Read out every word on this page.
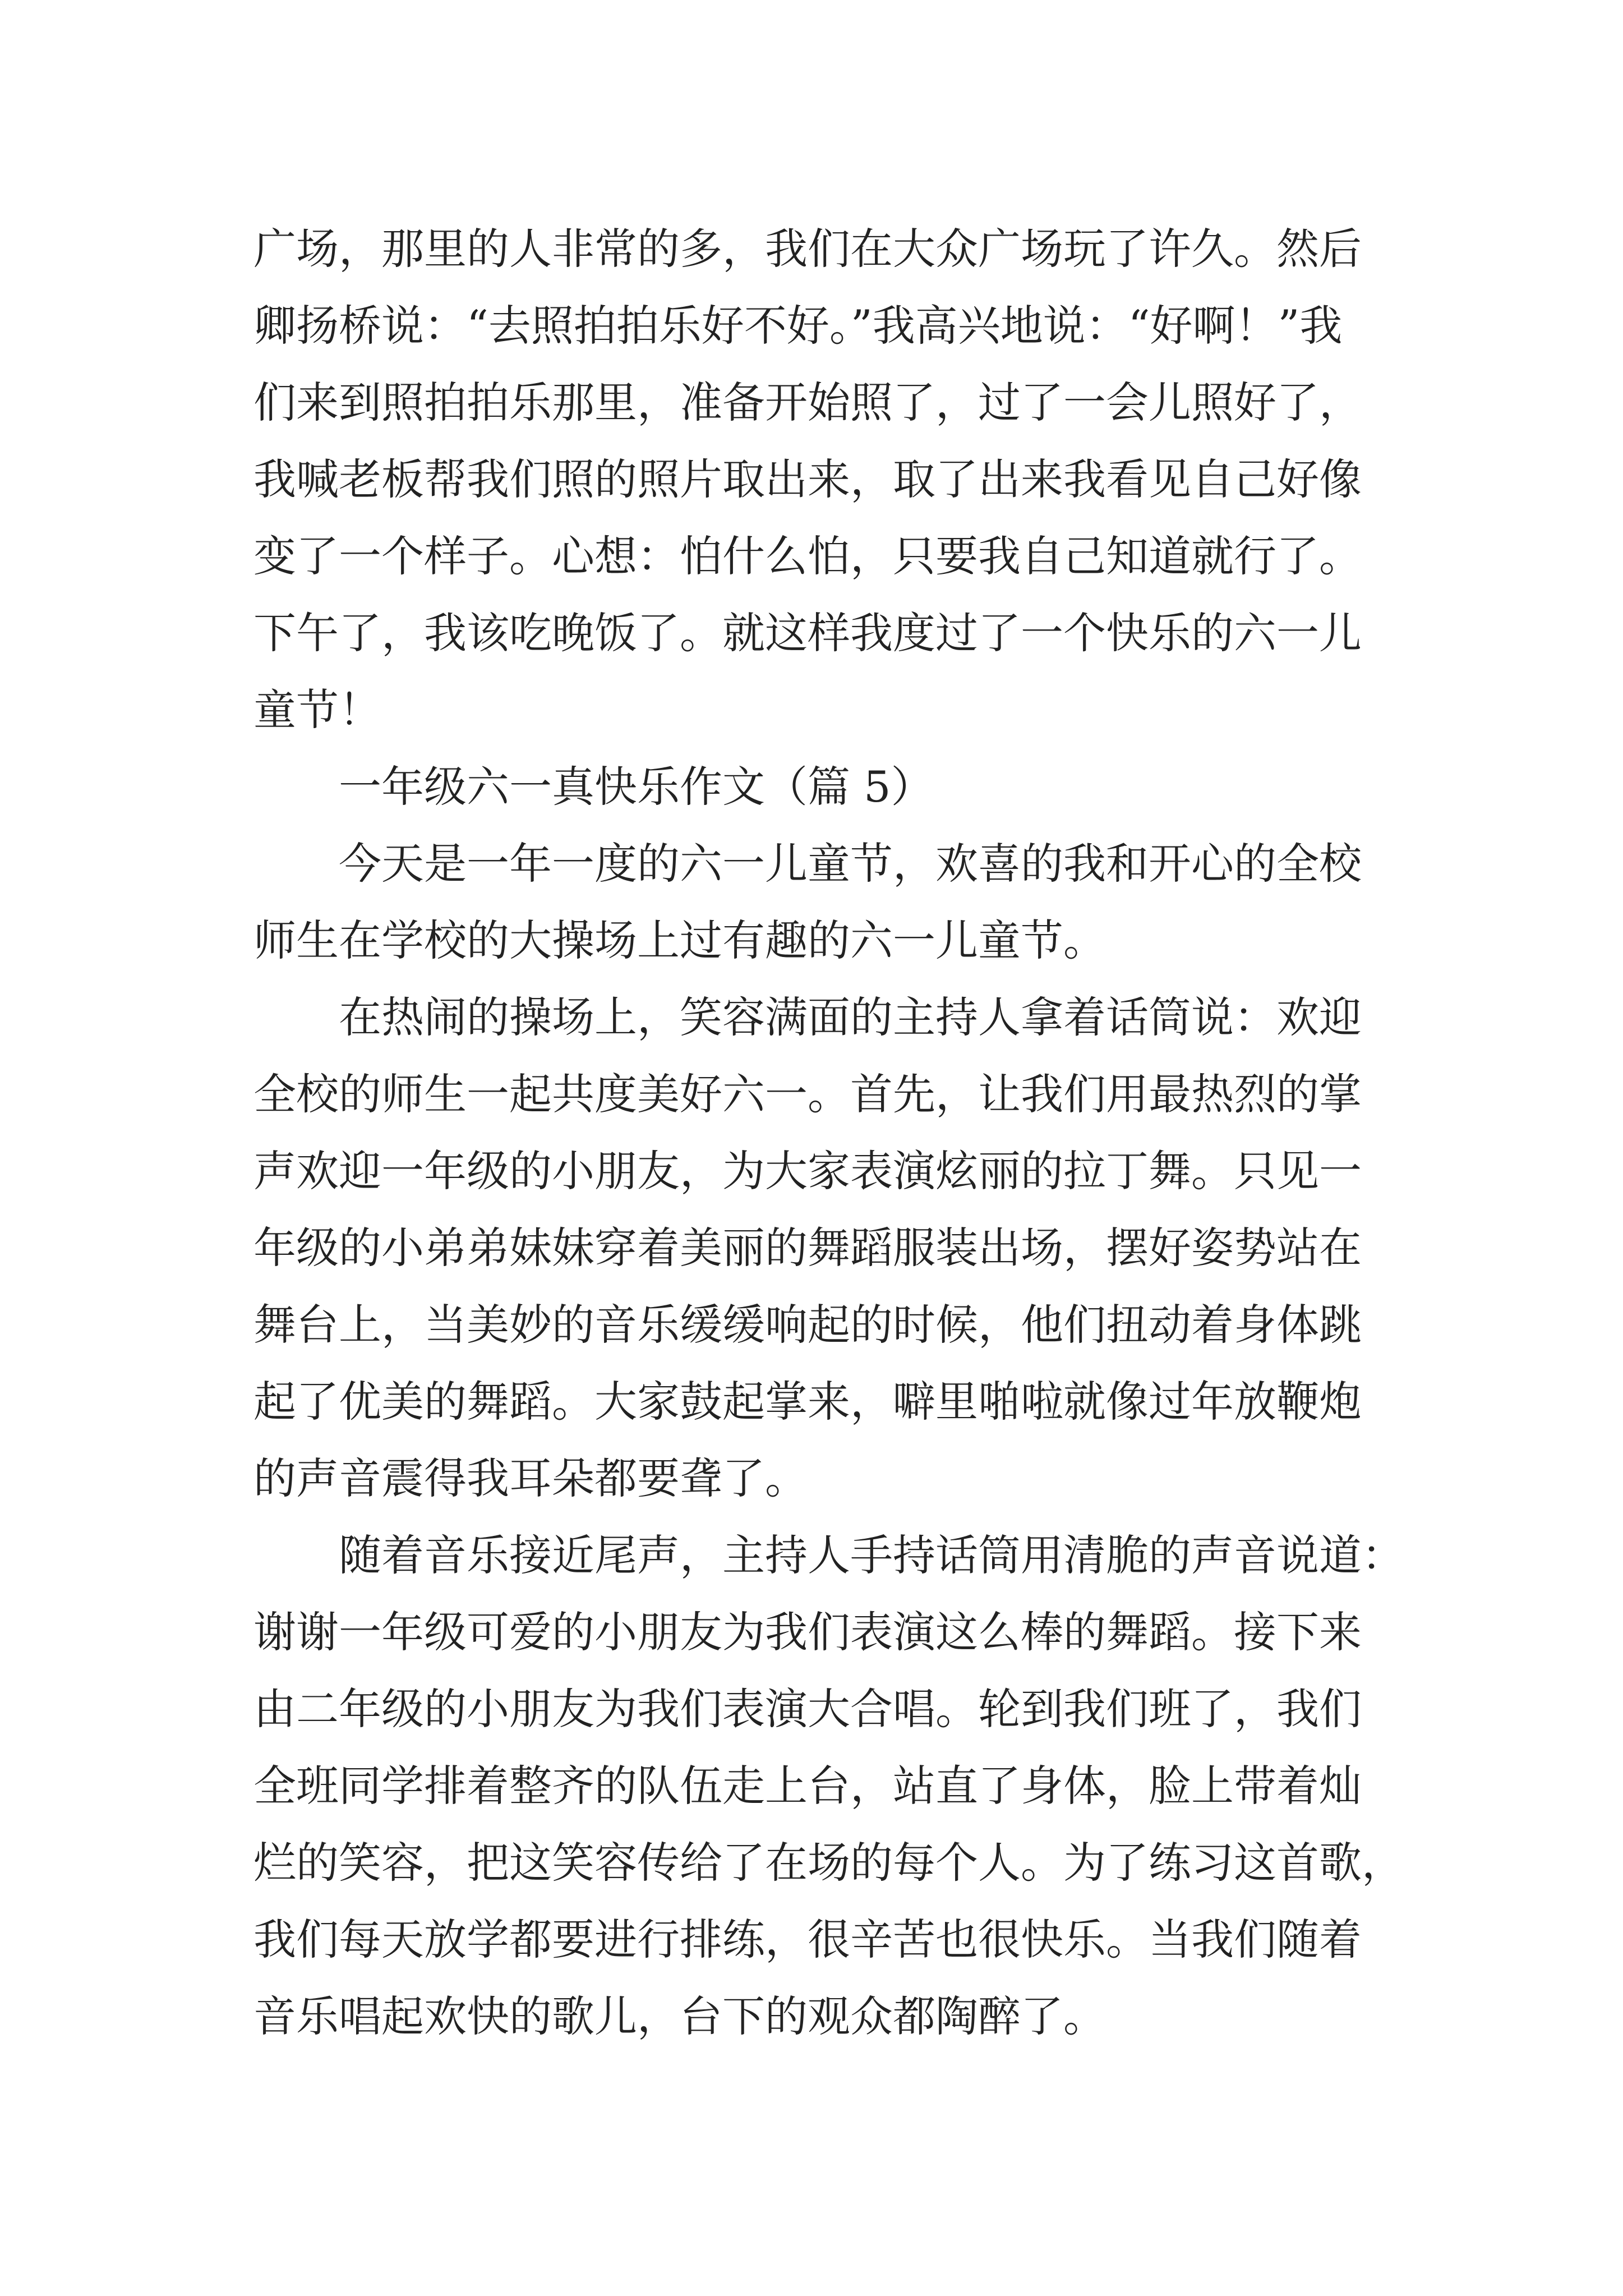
广场，那里的人非常的多，我们在大众广场玩了许久。然后
卿扬桥说：“去照拍拍乐好不好。”我高兴地说：“好啊！”我
们来到照拍拍乐那里，准备开始照了，过了一会儿照好了，
我喊老板帮我们照的照片取出来，取了出来我看见自己好像
变了一个样子。心想：怕什么怕，只要我自己知道就行了。
下午了，我该吃晚饭了。就这样我度过了一个快乐的六一儿
童节！
一年级六一真快乐作文（篇 5）
今天是一年一度的六一儿童节，欢喜的我和开心的全校
师生在学校的大操场上过有趣的六一儿童节。
在热闹的操场上，笑容满面的主持人拿着话筒说：欢迎
全校的师生一起共度美好六一。首先，让我们用最热烈的掌
声欢迎一年级的小朋友，为大家表演炫丽的拉丁舞。只见一
年级的小弟弟妹妹穿着美丽的舞蹈服装出场，摆好姿势站在
舞台上，当美妙的音乐缓缓响起的时候，他们扭动着身体跳
起了优美的舞蹈。大家鼓起掌来，噼里啪啦就像过年放鞭炮
的声音震得我耳朵都要聋了。
随着音乐接近尾声，主持人手持话筒用清脆的声音说道：
谢谢一年级可爱的小朋友为我们表演这么棒的舞蹈。接下来
由二年级的小朋友为我们表演大合唱。轮到我们班了，我们
全班同学排着整齐的队伍走上台，站直了身体，脸上带着灿
烂的笑容，把这笑容传给了在场的每个人。为了练习这首歌，
我们每天放学都要进行排练，很辛苦也很快乐。当我们随着
音乐唱起欢快的歌儿，台下的观众都陶醉了。
